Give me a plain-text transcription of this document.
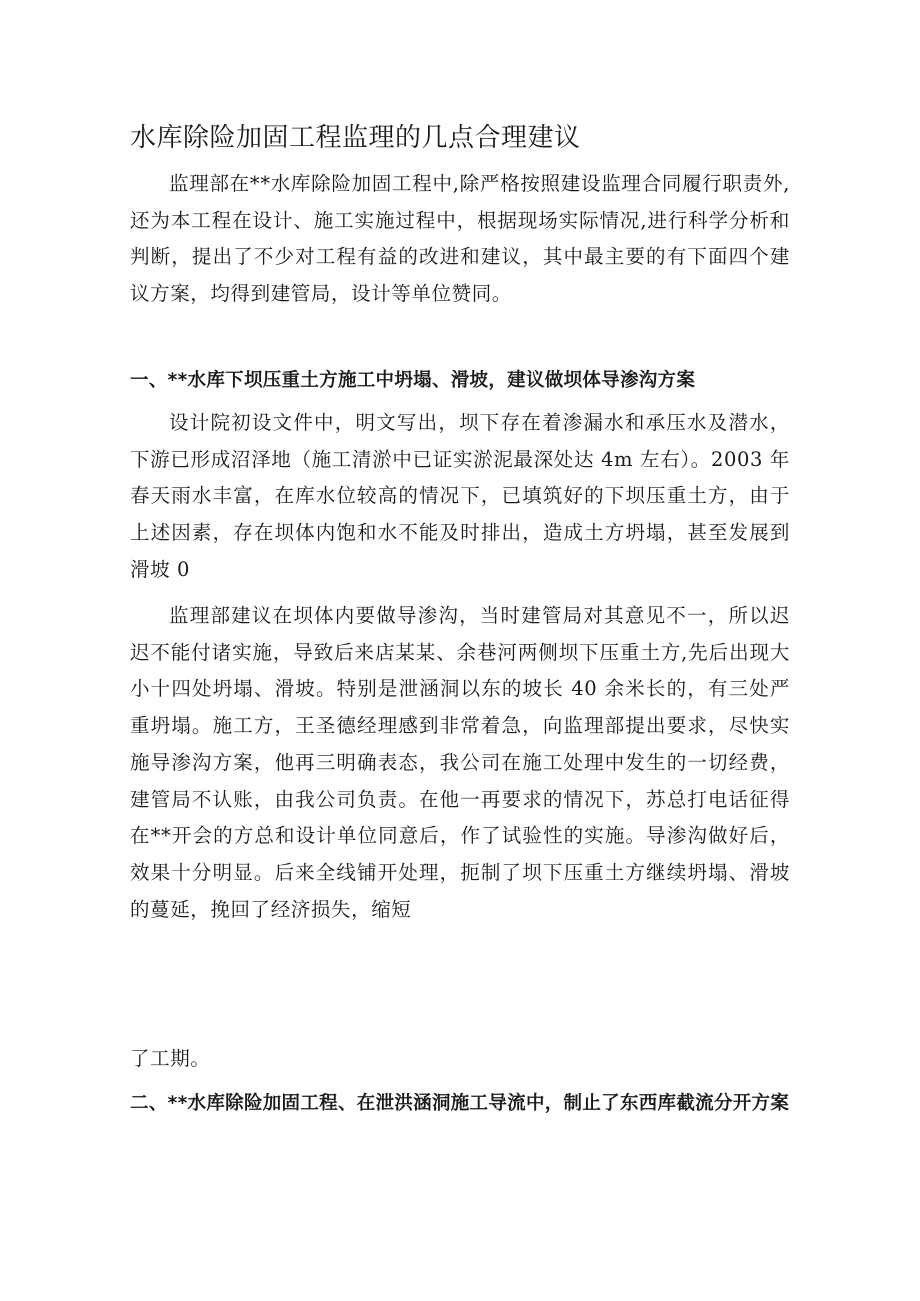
水库除险加固工程监理的几点合理建议

监理部在**水库除险加固工程中,除严格按照建设监理合同履行职责外,还为本工程在设计、施工实施过程中，根据现场实际情况,进行科学分析和判断，提出了不少对工程有益的改进和建议，其中最主要的有下面四个建议方案，均得到建管局，设计等单位赞同。

一、**水库下坝压重土方施工中坍塌、滑坡，建议做坝体导渗沟方案

设计院初设文件中，明文写出，坝下存在着渗漏水和承压水及潜水，下游已形成沼泽地（施工清淤中已证实淤泥最深处达 4m 左右）。2003 年春天雨水丰富，在库水位较高的情况下，已填筑好的下坝压重土方，由于上述因素，存在坝体内饱和水不能及时排出，造成土方坍塌，甚至发展到滑坡 0

监理部建议在坝体内要做导渗沟，当时建管局对其意见不一，所以迟迟不能付诸实施，导致后来店某某、余巷河两侧坝下压重土方,先后出现大小十四处坍塌、滑坡。特别是泄涵洞以东的坡长 40 余米长的，有三处严重坍塌。施工方，王圣德经理感到非常着急，向监理部提出要求，尽快实施导渗沟方案，他再三明确表态，我公司在施工处理中发生的一切经费，建管局不认账，由我公司负责。在他一再要求的情况下，苏总打电话征得在**开会的方总和设计单位同意后，作了试验性的实施。导渗沟做好后，效果十分明显。后来全线铺开处理，扼制了坝下压重土方继续坍塌、滑坡的蔓延，挽回了经济损失，缩短

了工期。

二、**水库除险加固工程、在泄洪涵洞施工导流中，制止了东西库截流分开方案
